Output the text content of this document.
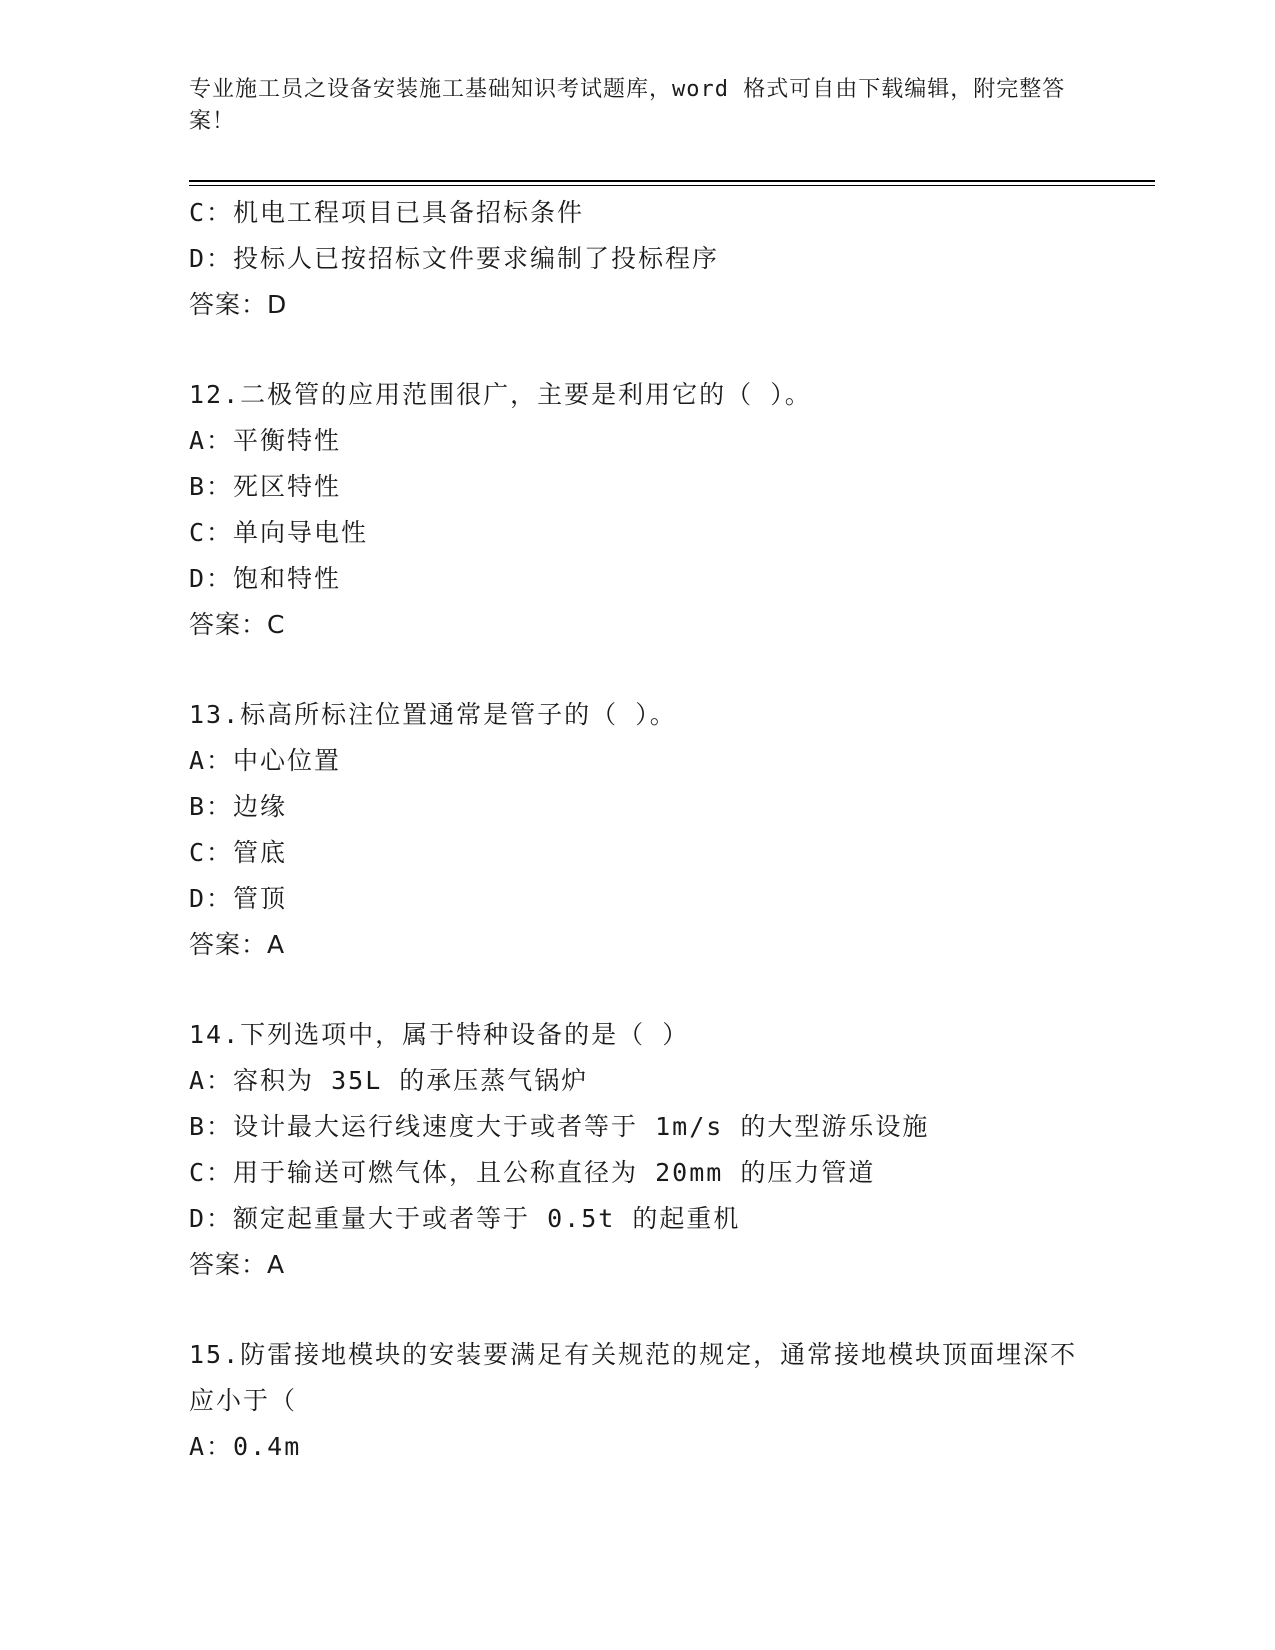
专业施工员之设备安装施工基础知识考试题库，word 格式可自由下载编辑，附完整答案！
C：机电工程项目已具备招标条件
D：投标人已按招标文件要求编制了投标程序
答案：D
12.二极管的应用范围很广，主要是利用它的（ ）。
A：平衡特性
B：死区特性
C：单向导电性
D：饱和特性
答案：C
13.标高所标注位置通常是管子的（ ）。
A：中心位置
B：边缘
C：管底
D：管顶
答案：A
14.下列选项中，属于特种设备的是（ ）
A：容积为 35L 的承压蒸气锅炉
B：设计最大运行线速度大于或者等于 1m/s 的大型游乐设施
C：用于输送可燃气体，且公称直径为 20mm 的压力管道
D：额定起重量大于或者等于 0.5t 的起重机
答案：A
15.防雷接地模块的安装要满足有关规范的规定，通常接地模块顶面埋深不应小于（
A：0.4m
